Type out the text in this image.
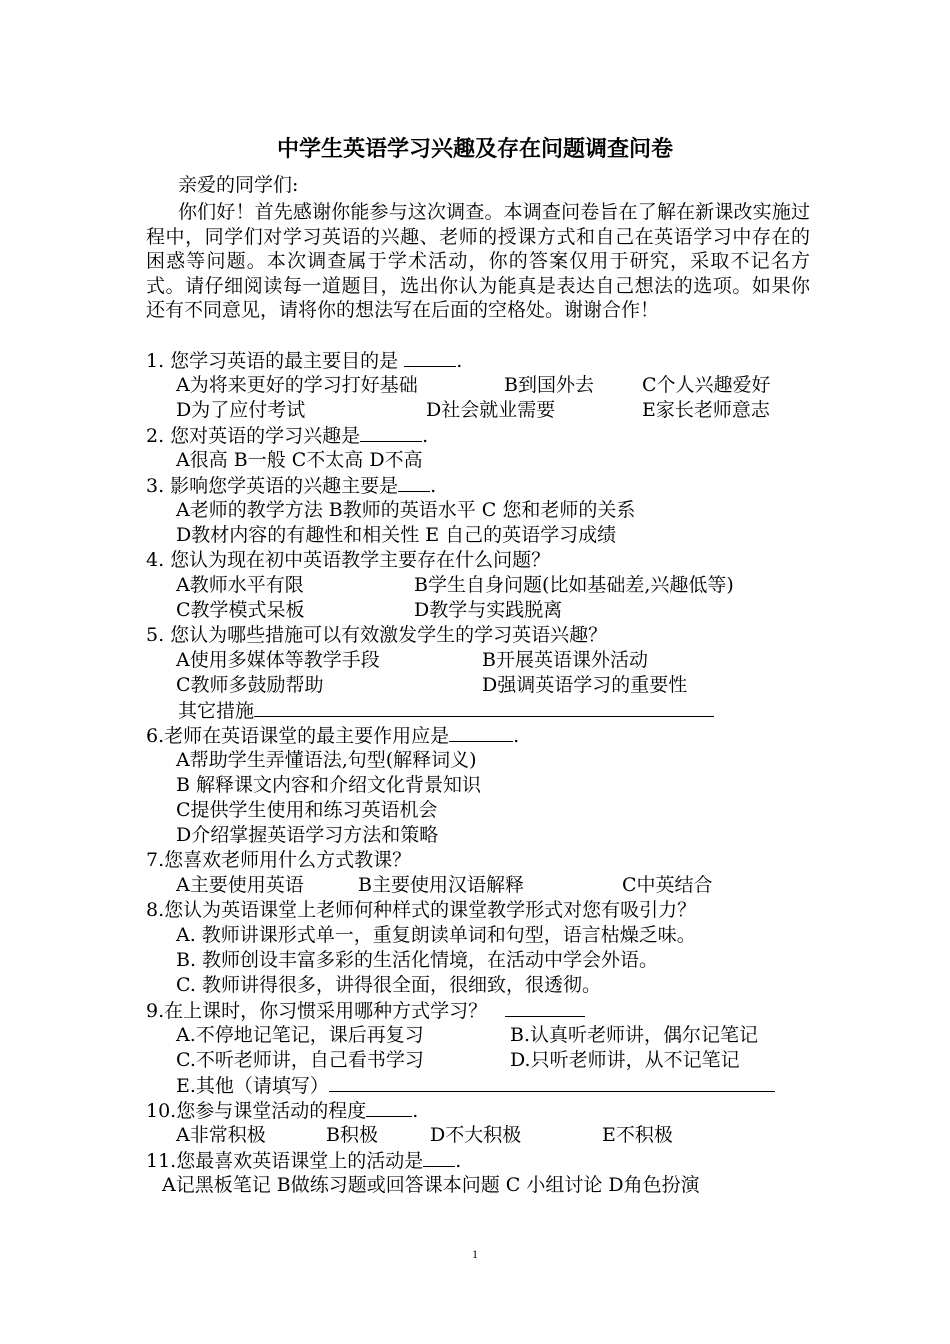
中学生英语学习兴趣及存在问题调查问卷
亲爱的同学们:
你们好！首先感谢你能参与这次调查。本调查问卷旨在了解在新课改实施过程中，同学们对学习英语的兴趣、老师的授课方式和自己在英语学习中存在的困惑等问题。本次调查属于学术活动，你的答案仅用于研究，采取不记名方式。请仔细阅读每一道题目，选出你认为能真是表达自己想法的选项。如果你还有不同意见，请将你的想法写在后面的空格处。谢谢合作！
1. 您学习英语的最主要目的是	.
A为将来更好的学习打好基础	B到国外去	C个人兴趣爱好
D为了应付考试	D社会就业需要	E家长老师意志
2. 您对英语的学习兴趣是	.
A很高 B一般 C不太高 D不高
3. 影响您学英语的兴趣主要是 .
A老师的教学方法 B教师的英语水平 C 您和老师的关系
D教材内容的有趣性和相关性 E 自己的英语学习成绩
4. 您认为现在初中英语教学主要存在什么问题？
A教师水平有限	B学生自身问题(比如基础差,兴趣低等)
C教学模式呆板	D教学与实践脱离
5. 您认为哪些措施可以有效激发学生的学习英语兴趣？
A使用多媒体等教学手段	B开展英语课外活动
C教师多鼓励帮助	D强调英语学习的重要性
其它措施
6.老师在英语课堂的最主要作用应是	.
A帮助学生弄懂语法,句型(解释词义)
B 解释课文内容和介绍文化背景知识
C提供学生使用和练习英语机会
D介绍掌握英语学习方法和策略
7.您喜欢老师用什么方式教课？
A主要使用英语	B主要使用汉语解释	C中英结合
8.您认为英语课堂上老师何种样式的课堂教学形式对您有吸引力？
A. 教师讲课形式单一，重复朗读单词和句型，语言枯燥乏味。
B. 教师创设丰富多彩的生活化情境，在活动中学会外语。
C. 教师讲得很多，讲得很全面，很细致，很透彻。
9.在上课时，你习惯采用哪种方式学习？
A.不停地记笔记，课后再复习	B.认真听老师讲，偶尔记笔记
C.不听老师讲，自己看书学习	D.只听老师讲，从不记笔记
E.其他（请填写）
10.您参与课堂活动的程度 .
A非常积极	B积极	D不大积极	E不积极
11.您最喜欢英语课堂上的活动是 .
A记黑板笔记 B做练习题或回答课本问题 C 小组讨论 D角色扮演
1
